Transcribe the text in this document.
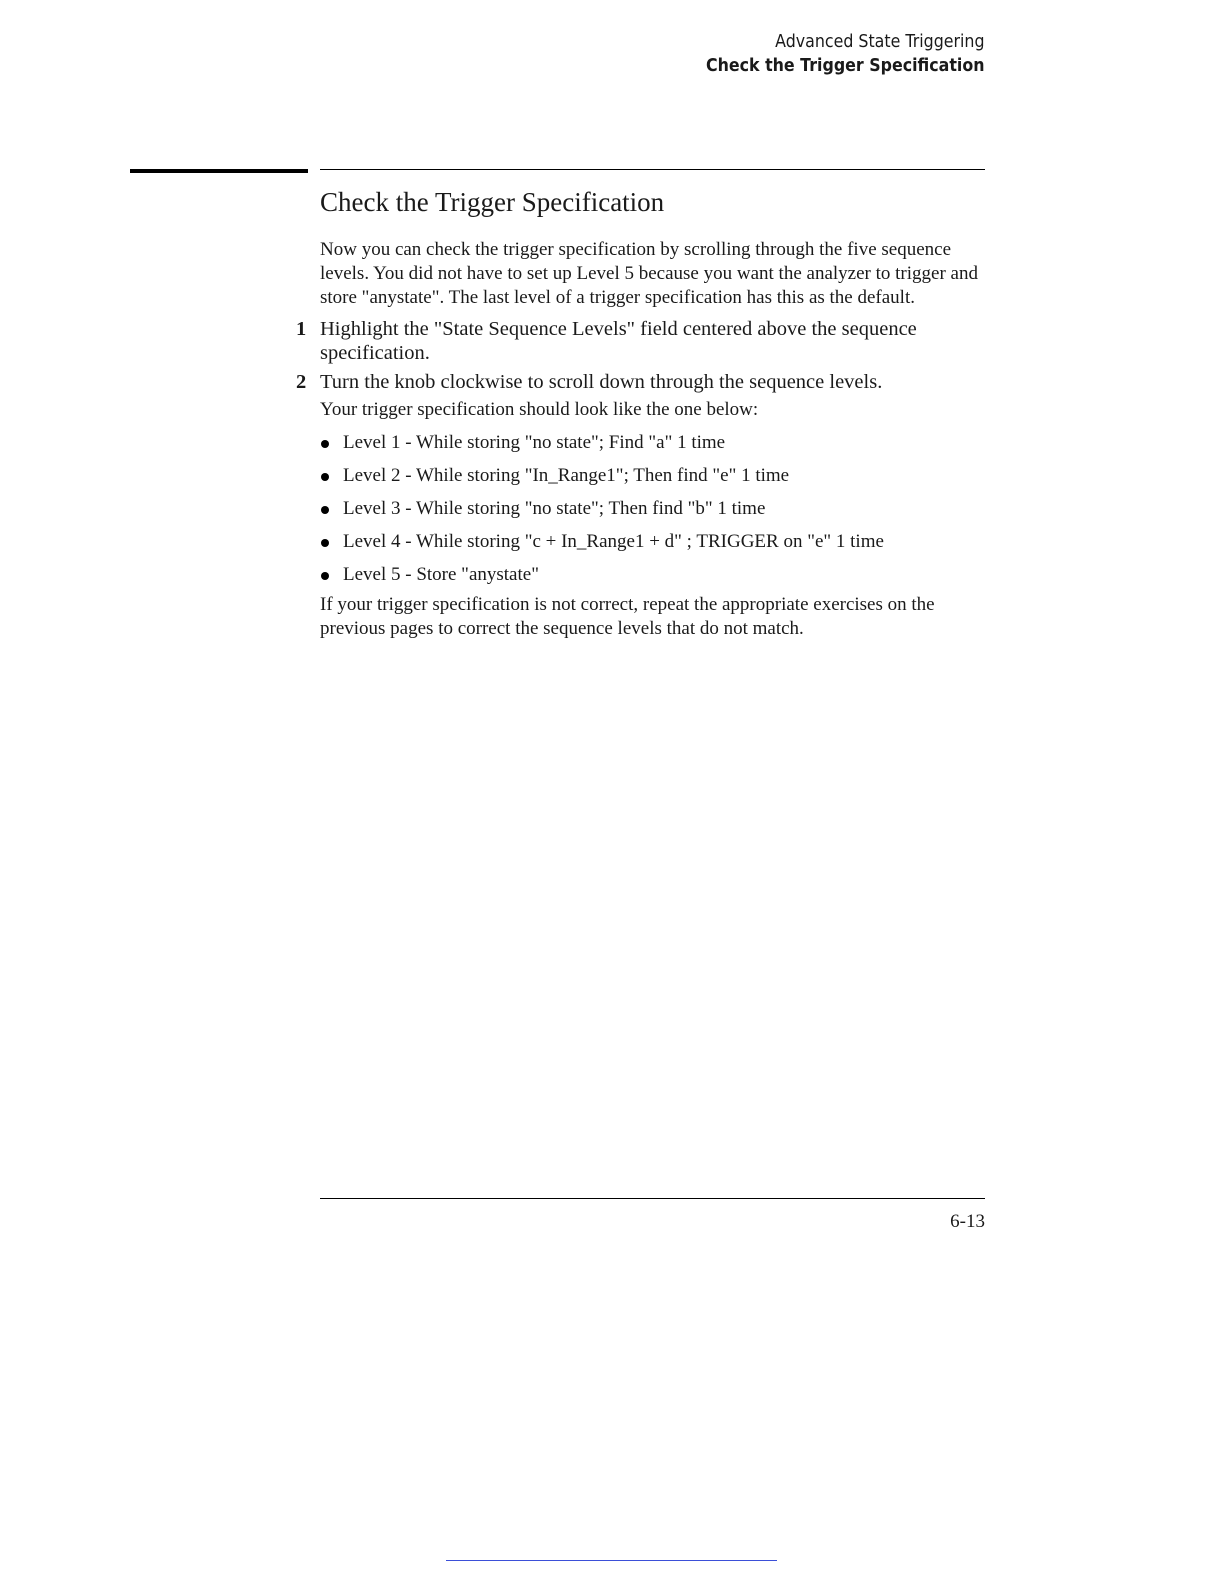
Advanced State Triggering
Check the Trigger Specification
Check the Trigger Specification

Now you can check the trigger specification by scrolling through the five sequence levels. You did not have to set up Level 5 because you want the analyzer to trigger and store "anystate". The last level of a trigger specification has this as the default.

1 Highlight the "State Sequence Levels" field centered above the sequence specification.
2 Turn the knob clockwise to scroll down through the sequence levels.

Your trigger specification should look like the one below:

Level 1 - While storing "no state"; Find "a" 1 time
Level 2 - While storing "In_Range1"; Then find "e" 1 time
Level 3 - While storing "no state"; Then find "b" 1 time
Level 4 - While storing "c + In_Range1 + d" ; TRIGGER on "e" 1 time
Level 5 - Store "anystate"

If your trigger specification is not correct, repeat the appropriate exercises on the previous pages to correct the sequence levels that do not match.

6-13
